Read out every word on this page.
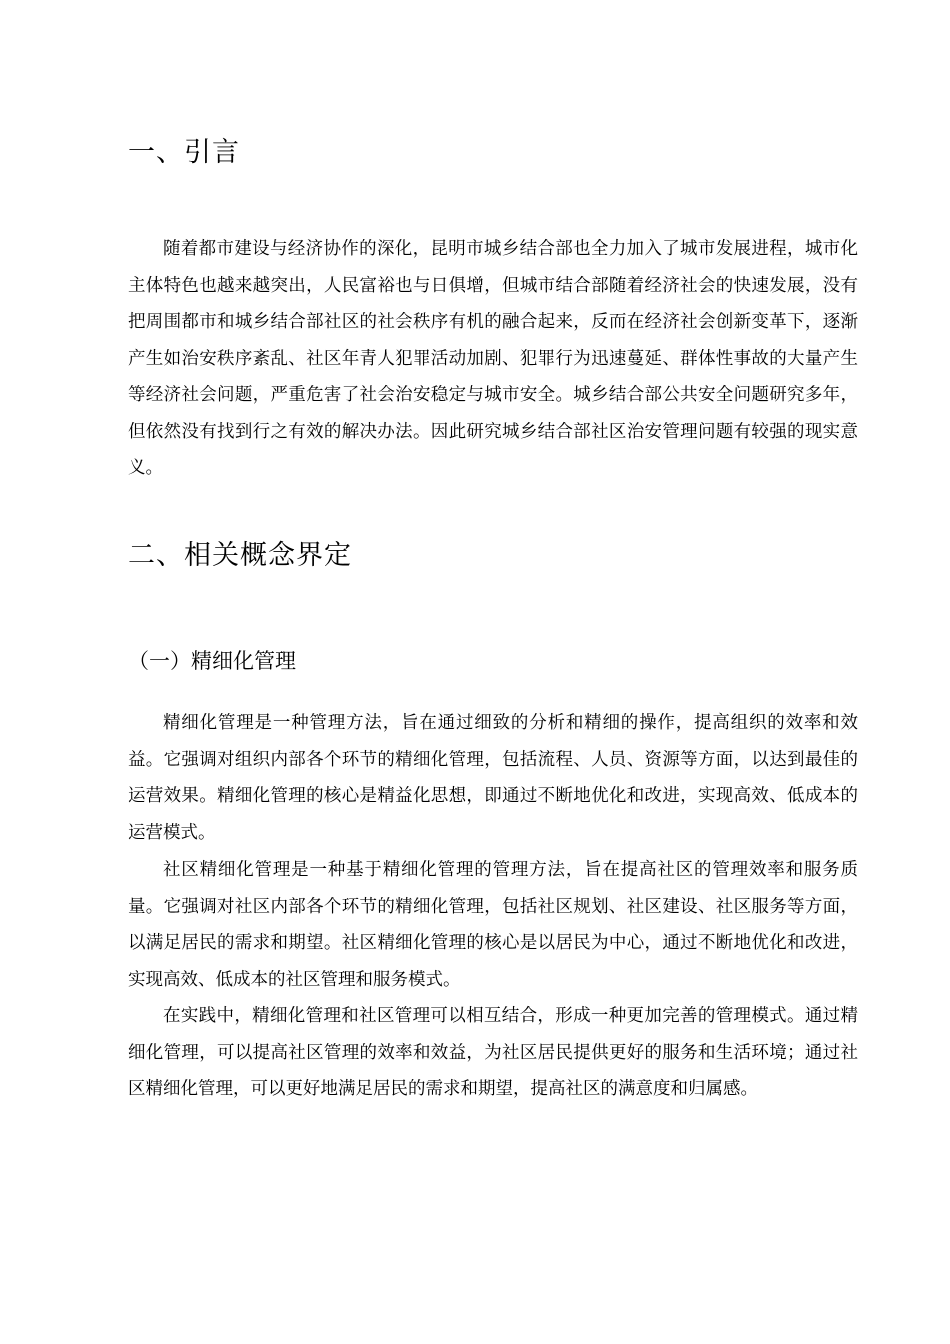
一、引言

随着都市建设与经济协作的深化，昆明市城乡结合部也全力加入了城市发展进程，城市化主体特色也越来越突出，人民富裕也与日俱增，但城市结合部随着经济社会的快速发展，没有把周围都市和城乡结合部社区的社会秩序有机的融合起来，反而在经济社会创新变革下，逐渐产生如治安秩序紊乱、社区年青人犯罪活动加剧、犯罪行为迅速蔓延、群体性事故的大量产生等经济社会问题，严重危害了社会治安稳定与城市安全。城乡结合部公共安全问题研究多年，但依然没有找到行之有效的解决办法。因此研究城乡结合部社区治安管理问题有较强的现实意义。

二、相关概念界定
（一）精细化管理

精细化管理是一种管理方法，旨在通过细致的分析和精细的操作，提高组织的效率和效益。它强调对组织内部各个环节的精细化管理，包括流程、人员、资源等方面，以达到最佳的运营效果。精细化管理的核心是精益化思想，即通过不断地优化和改进，实现高效、低成本的运营模式。

社区精细化管理是一种基于精细化管理的管理方法，旨在提高社区的管理效率和服务质量。它强调对社区内部各个环节的精细化管理，包括社区规划、社区建设、社区服务等方面，以满足居民的需求和期望。社区精细化管理的核心是以居民为中心，通过不断地优化和改进，实现高效、低成本的社区管理和服务模式。

在实践中，精细化管理和社区管理可以相互结合，形成一种更加完善的管理模式。通过精细化管理，可以提高社区管理的效率和效益，为社区居民提供更好的服务和生活环境；通过社区精细化管理，可以更好地满足居民的需求和期望，提高社区的满意度和归属感。
